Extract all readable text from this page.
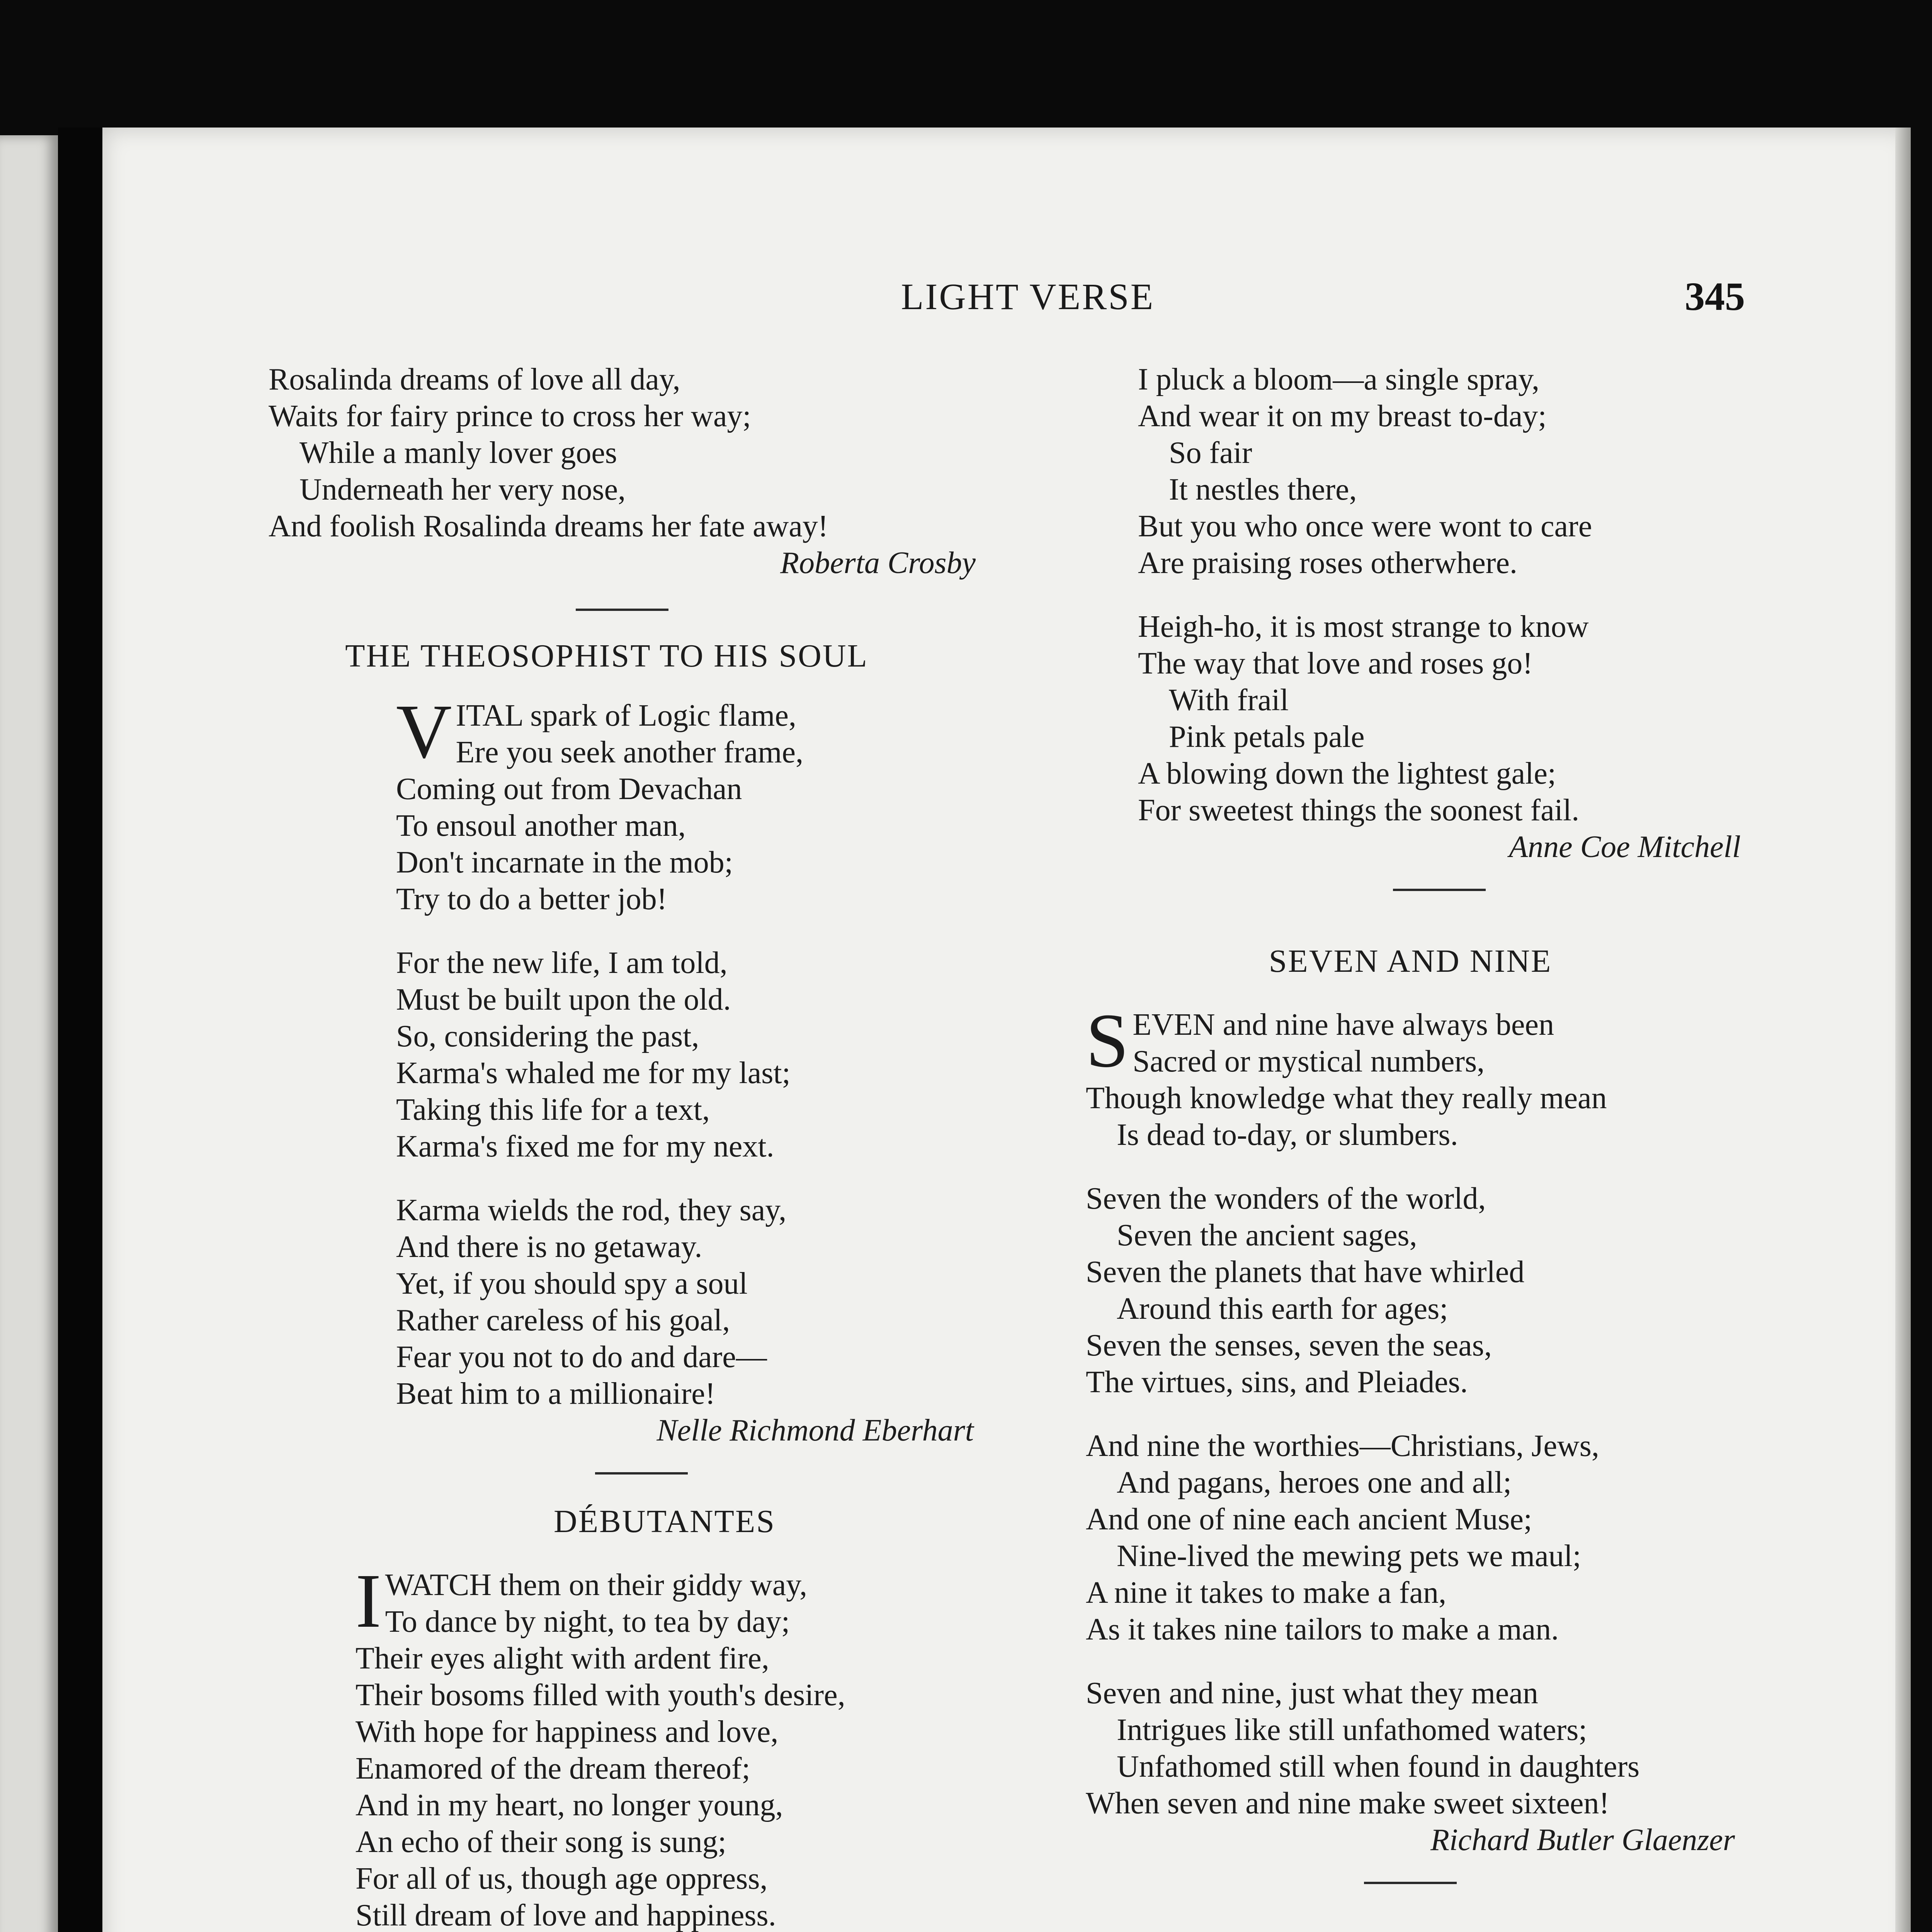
LIGHT VERSE	345
Rosalinda dreams of love all day,
Waits for fairy prince to cross her way;
While a manly lover goes
Underneath her very nose,
And foolish Rosalinda dreams her fate away!
Roberta Crosby
THE THEOSOPHIST TO HIS SOUL
V ITAL spark of Logic flame,
Ere you seek another frame,
Coming out from Devachan
To ensoul another man,
Don't incarnate in the mob;
Try to do a better job!
For the new life, I am told,
Must be built upon the old.
So, considering the past,
Karma's whaled me for my last;
Taking this life for a text,
Karma's fixed me for my next.
Karma wields the rod, they say,
And there is no getaway.
Yet, if you should spy a soul
Rather careless of his goal,
Fear you not to do and dare—
Beat him to a millionaire!
Nelle Richmond Eberhart
DÉBUTANTES
I WATCH them on their giddy way,
To dance by night, to tea by day;
Their eyes alight with ardent fire,
Their bosoms filled with youth's desire,
With hope for happiness and love,
Enamored of the dream thereof;
And in my heart, no longer young,
An echo of their song is sung;
For all of us, though age oppress,
Still dream of love and happiness.
I pluck a bloom—a single spray,
And wear it on my breast to-day;
So fair
It nestles there,
But you who once were wont to care
Are praising roses otherwhere.
Heigh-ho, it is most strange to know
The way that love and roses go!
With frail
Pink petals pale
A blowing down the lightest gale;
For sweetest things the soonest fail.
Anne Coe Mitchell
SEVEN AND NINE
S EVEN and nine have always been
Sacred or mystical numbers,
Though knowledge what they really mean
Is dead to-day, or slumbers.
Seven the wonders of the world,
Seven the ancient sages,
Seven the planets that have whirled
Around this earth for ages;
Seven the senses, seven the seas,
The virtues, sins, and Pleiades.
And nine the worthies—Christians, Jews,
And pagans, heroes one and all;
And one of nine each ancient Muse;
Nine-lived the mewing pets we maul;
A nine it takes to make a fan,
As it takes nine tailors to make a man.
Seven and nine, just what they mean
Intrigues like still unfathomed waters;
Unfathomed still when found in daughters
When seven and nine make sweet sixteen!
Richard Butler Glaenzer
